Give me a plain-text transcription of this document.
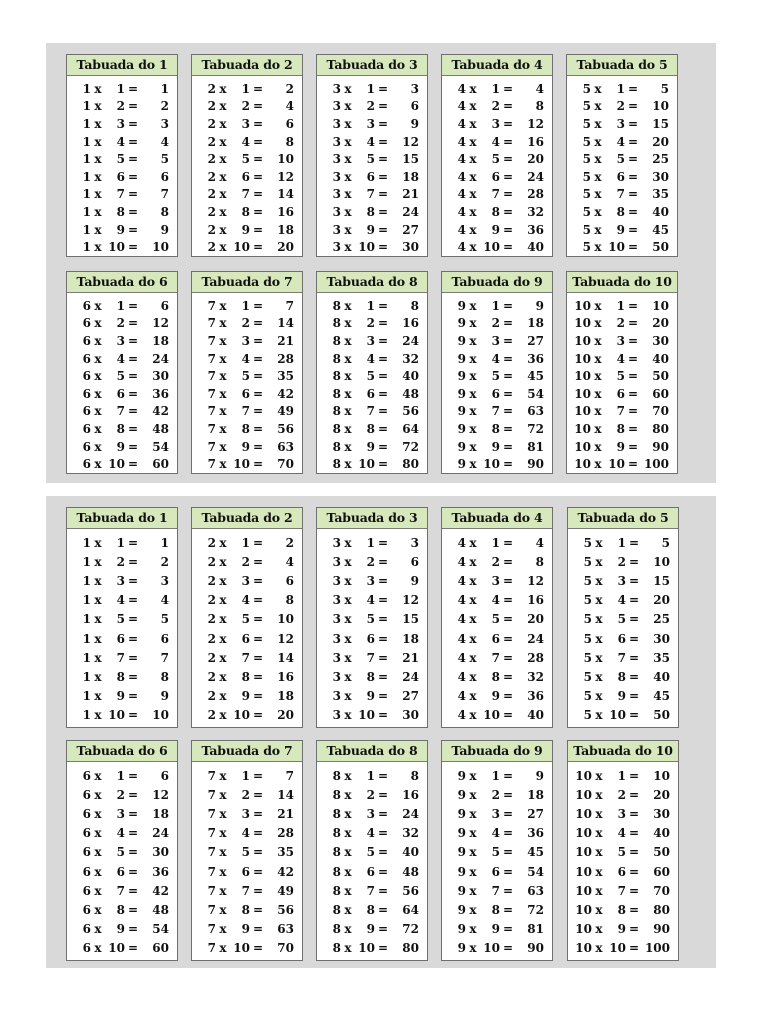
Tabuada do 1
1 x	1 =	1
1 x	2 =	2
1 x	3 =	3
1 x	4 =	4
1 x	5 =	5
1 x	6 =	6
1 x	7 =	7
1 x	8 =	8
1 x	9 =	9
1 x 10 =	10
Tabuada do 2
2 x	1 =	2
2 x	2 =	4
2 x	3 =	6
2 x	4 =	8
2 x	5 =	10
2 x	6 =	12
2 x	7 =	14
2 x	8 =	16
2 x	9 =	18
2 x 10 =	20
Tabuada do 3
3 x	1 =	3
3 x	2 =	6
3 x	3 =	9
3 x	4 =	12
3 x	5 =	15
3 x	6 =	18
3 x	7 =	21
3 x	8 =	24
3 x	9 =	27
3 x 10 =	30
Tabuada do 4
4 x	1 =	4
4 x	2 =	8
4 x	3 =	12
4 x	4 =	16
4 x	5 =	20
4 x	6 =	24
4 x	7 =	28
4 x	8 =	32
4 x	9 =	36
4 x 10 =	40
Tabuada do 5
5 x	1 =	5
5 x	2 =	10
5 x	3 =	15
5 x	4 =	20
5 x	5 =	25
5 x	6 =	30
5 x	7 =	35
5 x	8 =	40
5 x	9 =	45
5 x 10 =	50
Tabuada do 6
6 x	1 =	6
6 x	2 =	12
6 x	3 =	18
6 x	4 =	24
6 x	5 =	30
6 x	6 =	36
6 x	7 =	42
6 x	8 =	48
6 x	9 =	54
6 x 10 =	60
Tabuada do 7
7 x	1 =	7
7 x	2 =	14
7 x	3 =	21
7 x	4 =	28
7 x	5 =	35
7 x	6 =	42
7 x	7 =	49
7 x	8 =	56
7 x	9 =	63
7 x 10 =	70
Tabuada do 8
8 x	1 =	8
8 x	2 =	16
8 x	3 =	24
8 x	4 =	32
8 x	5 =	40
8 x	6 =	48
8 x	7 =	56
8 x	8 =	64
8 x	9 =	72
8 x 10 =	80
Tabuada do 9
9 x	1 =	9
9 x	2 =	18
9 x	3 =	27
9 x	4 =	36
9 x	5 =	45
9 x	6 =	54
9 x	7 =	63
9 x	8 =	72
9 x	9 =	81
9 x 10 =	90
Tabuada do 10
10 x	1 =	10
10 x	2 =	20
10 x	3 =	30
10 x	4 =	40
10 x	5 =	50
10 x	6 =	60
10 x	7 =	70
10 x	8 =	80
10 x	9 =	90
10 x 10 = 100
Tabuada do 1
1 x	1 =	1
1 x	2 =	2
1 x	3 =	3
1 x	4 =	4
1 x	5 =	5
1 x	6 =	6
1 x	7 =	7
1 x	8 =	8
1 x	9 =	9
1 x 10 =	10
Tabuada do 2
2 x	1 =	2
2 x	2 =	4
2 x	3 =	6
2 x	4 =	8
2 x	5 =	10
2 x	6 =	12
2 x	7 =	14
2 x	8 =	16
2 x	9 =	18
2 x 10 =	20
Tabuada do 3
3 x	1 =	3
3 x	2 =	6
3 x	3 =	9
3 x	4 =	12
3 x	5 =	15
3 x	6 =	18
3 x	7 =	21
3 x	8 =	24
3 x	9 =	27
3 x 10 =	30
Tabuada do 4
4 x	1 =	4
4 x	2 =	8
4 x	3 =	12
4 x	4 =	16
4 x	5 =	20
4 x	6 =	24
4 x	7 =	28
4 x	8 =	32
4 x	9 =	36
4 x 10 =	40
Tabuada do 5
5 x	1 =	5
5 x	2 =	10
5 x	3 =	15
5 x	4 =	20
5 x	5 =	25
5 x	6 =	30
5 x	7 =	35
5 x	8 =	40
5 x	9 =	45
5 x 10 =	50
Tabuada do 6
6 x	1 =	6
6 x	2 =	12
6 x	3 =	18
6 x	4 =	24
6 x	5 =	30
6 x	6 =	36
6 x	7 =	42
6 x	8 =	48
6 x	9 =	54
6 x 10 =	60
Tabuada do 7
7 x	1 =	7
7 x	2 =	14
7 x	3 =	21
7 x	4 =	28
7 x	5 =	35
7 x	6 =	42
7 x	7 =	49
7 x	8 =	56
7 x	9 =	63
7 x 10 =	70
Tabuada do 8
8 x	1 =	8
8 x	2 =	16
8 x	3 =	24
8 x	4 =	32
8 x	5 =	40
8 x	6 =	48
8 x	7 =	56
8 x	8 =	64
8 x	9 =	72
8 x 10 =	80
Tabuada do 9
9 x	1 =	9
9 x	2 =	18
9 x	3 =	27
9 x	4 =	36
9 x	5 =	45
9 x	6 =	54
9 x	7 =	63
9 x	8 =	72
9 x	9 =	81
9 x 10 =	90
Tabuada do 10
10 x	1 =	10
10 x	2 =	20
10 x	3 =	30
10 x	4 =	40
10 x	5 =	50
10 x	6 =	60
10 x	7 =	70
10 x	8 =	80
10 x	9 =	90
10 x 10 = 100
